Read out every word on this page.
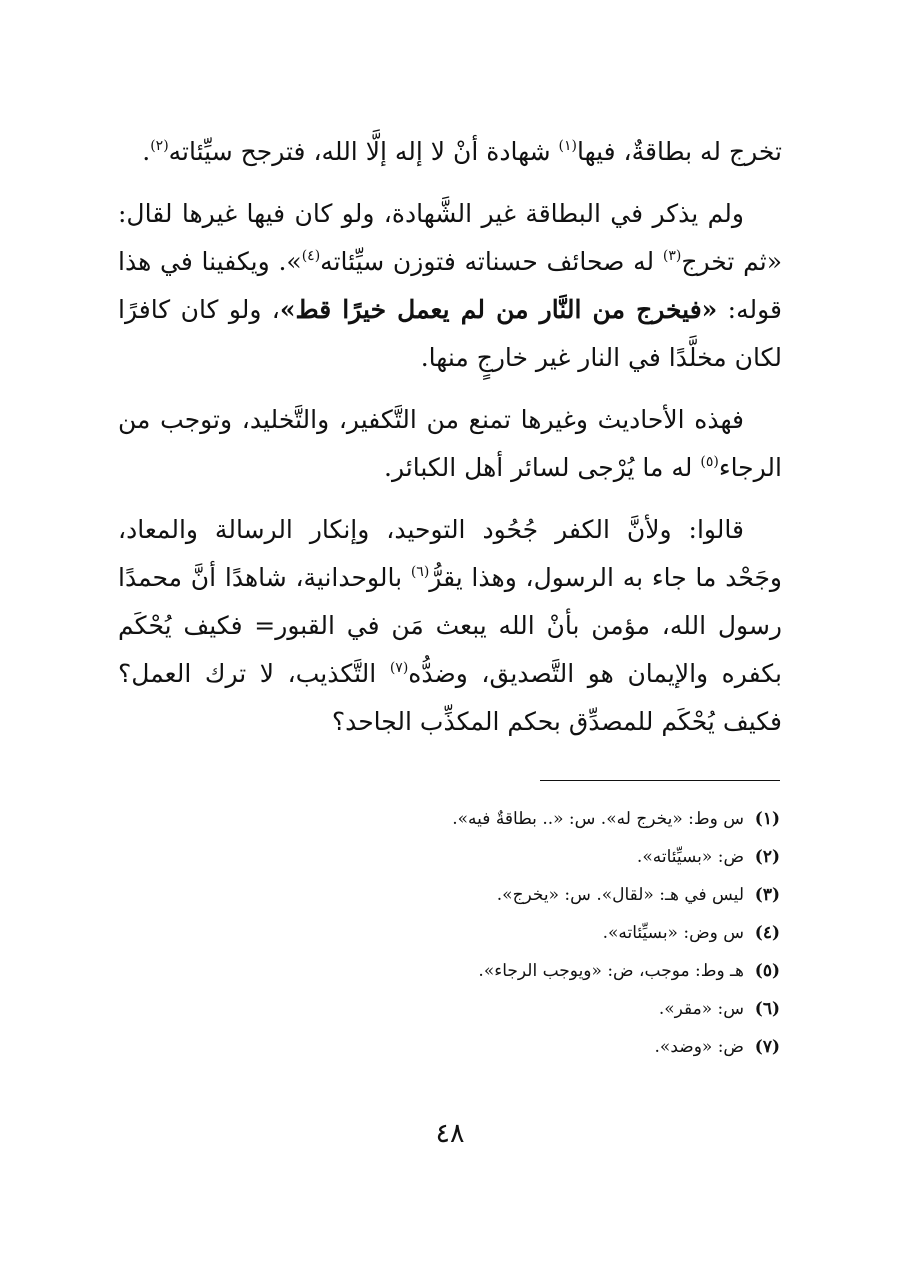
تخرج له بطاقةٌ، فيها$^{(١)}$ شهادة أنْ لا إله إلَّا الله، فترجح سيِّئاته$^{(٢)}$.

ولم يذكر في البطاقة غير الشَّهادة، ولو كان فيها غيرها لقال: «ثم تخرج$^{(٣)}$ له صحائف حسناته فتوزن سيِّئاته$^{(٤)}$». ويكفينا في هذا قوله: «فيخرج من النَّار من لم يعمل خيرًا قط»، ولو كان كافرًا لكان مخلَّدًا في النار غير خارجٍ منها.

فهذه الأحاديث وغيرها تمنع من التَّكفير، والتَّخليد، وتوجب من الرجاء$^{(٥)}$ له ما يُرْجى لسائر أهل الكبائر.

قالوا: ولأنَّ الكفر جُحُود التوحيد، وإنكار الرسالة والمعاد، وجَحْد ما جاء به الرسول، وهذا يقرُّ$^{(٦)}$ بالوحدانية، شاهدًا أنَّ محمدًا رسول الله، مؤمن بأنْ الله يبعث مَن في القبور= فكيف يُحْكَم بكفره والإيمان هو التَّصديق، وضدُّه$^{(٧)}$ التَّكذيب، لا ترك العمل؟ فكيف يُحْكَم للمصدِّق بحكم المكذِّب الجاحد؟

(١)س وط: «يخرج له». س: «.. بطاقةٌ فيه».
(٢)ض: «بسيِّئاته».
(٣)ليس في هـ: «لقال». س: «يخرج».
(٤)س وض: «بسيِّئاته».
(٥)هـ وط: موجب، ض: «ويوجب الرجاء».
(٦)س: «مقر».
(٧)ض: «وضد».
٤٨
